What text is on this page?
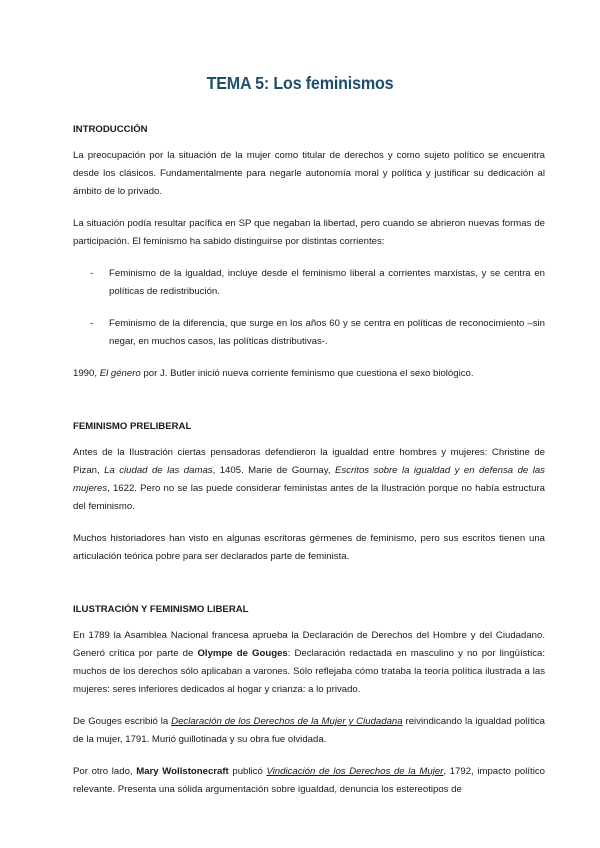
TEMA 5: Los feminismos
INTRODUCCIÓN

La preocupación por la situación de la mujer como titular de derechos y como sujeto político se encuentra desde los clásicos. Fundamentalmente para negarle autonomía moral y política y justificar su dedicación al ámbito de lo privado.

La situación podía resultar pacífica en SP que negaban la libertad, pero cuando se abrieron nuevas formas de participación. El feminismo ha sabido distinguirse por distintas corrientes:

- Feminismo de la igualdad, incluye desde el feminismo liberal a corrientes marxistas, y se centra en políticas de redistribución.
- Feminismo de la diferencia, que surge en los años 60 y se centra en políticas de reconocimiento –sin negar, en muchos casos, las políticas distributivas-.

1990, El género por J. Butler inició nueva corriente feminismo que cuestiona el sexo biológico.

FEMINISMO PRELIBERAL

Antes de la Ilustración ciertas pensadoras defendieron la igualdad entre hombres y mujeres: Christine de Pizan, La ciudad de las damas, 1405. Marie de Gournay, Escritos sobre la igualdad y en defensa de las mujeres, 1622. Pero no se las puede considerar feministas antes de la Ilustración porque no había estructura del feminismo.

Muchos historiadores han visto en algunas escritoras gérmenes de feminismo, pero sus escritos tienen una articulación teórica pobre para ser declarados parte de feminista.

ILUSTRACIÓN Y FEMINISMO LIBERAL

En 1789 la Asamblea Nacional francesa aprueba la Declaración de Derechos del Hombre y del Ciudadano. Generó crítica por parte de Olympe de Gouges: Declaración redactada en masculino y no por lingüística: muchos de los derechos sólo aplicaban a varones. Sólo reflejaba cómo trataba la teoría política ilustrada a las mujeres: seres inferiores dedicados al hogar y crianza: a lo privado.

De Gouges escribió la Declaración de los Derechos de la Mujer y Ciudadana reivindicando la igualdad política de la mujer, 1791. Murió guillotinada y su obra fue olvidada.

Por otro lado, Mary Wollstonecraft publicó Vindicación de los Derechos de la Mujer, 1792, impacto político relevante. Presenta una sólida argumentación sobre igualdad, denuncia los estereotipos de
